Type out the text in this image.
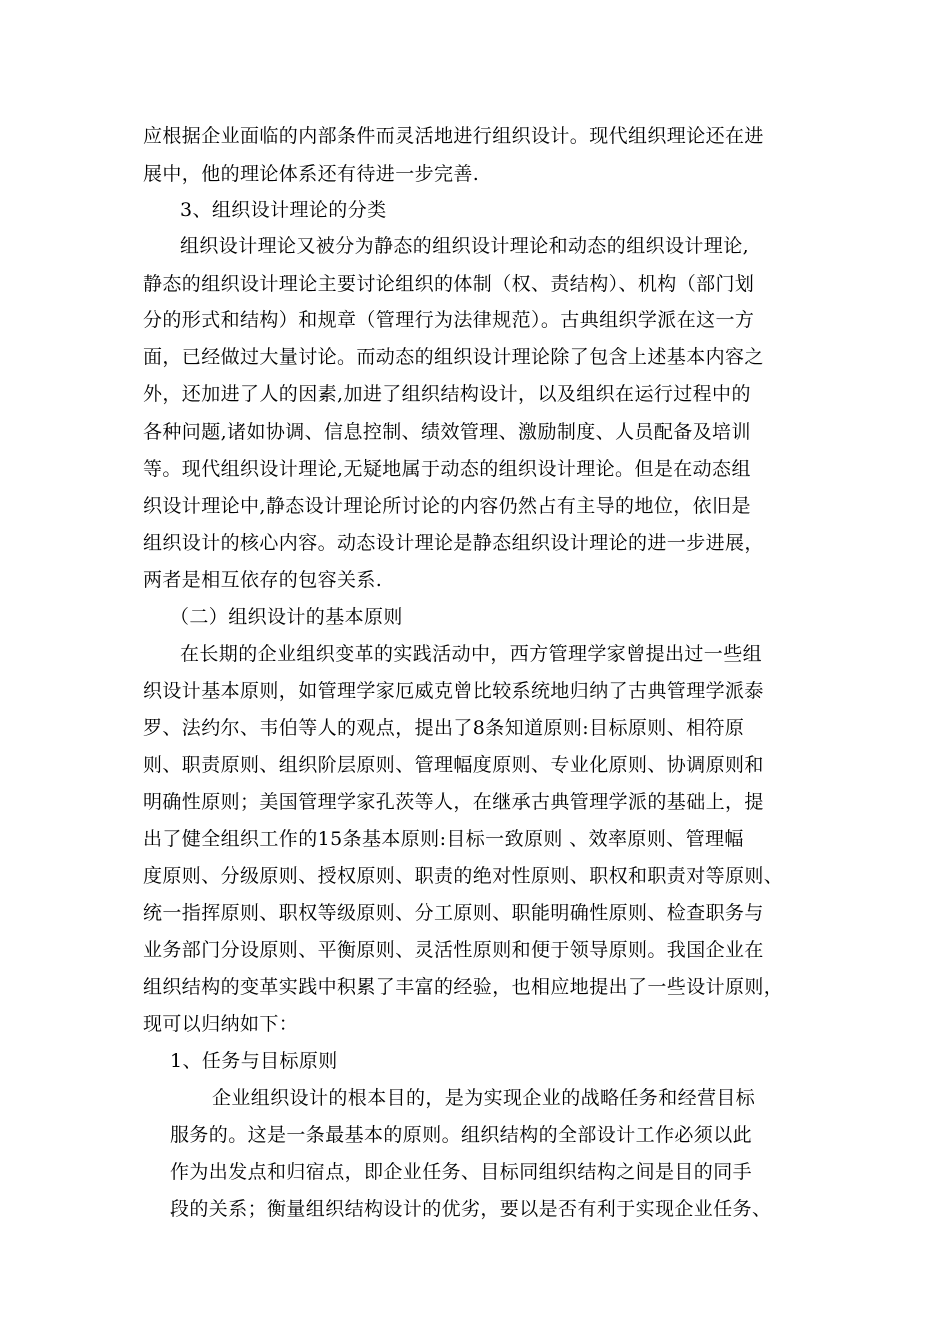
应根据企业面临的内部条件而灵活地进行组织设计。现代组织理论还在进
展中，他的理论体系还有待进一步完善.
3、组织设计理论的分类
组织设计理论又被分为静态的组织设计理论和动态的组织设计理论,
静态的组织设计理论主要讨论组织的体制（权、责结构）、机构（部门划
分的形式和结构）和规章（管理行为法律规范）。古典组织学派在这一方
面，已经做过大量讨论。而动态的组织设计理论除了包含上述基本内容之
外，还加进了人的因素,加进了组织结构设计，以及组织在运行过程中的
各种问题,诸如协调、信息控制、绩效管理、激励制度、人员配备及培训
等。现代组织设计理论,无疑地属于动态的组织设计理论。但是在动态组
织设计理论中,静态设计理论所讨论的内容仍然占有主导的地位，依旧是
组织设计的核心内容。动态设计理论是静态组织设计理论的进一步进展，
两者是相互依存的包容关系.
（二）组织设计的基本原则
在长期的企业组织变革的实践活动中，西方管理学家曾提出过一些组
织设计基本原则，如管理学家厄威克曾比较系统地归纳了古典管理学派泰
罗、法约尔、韦伯等人的观点，提出了8条知道原则:目标原则、相符原
则、职责原则、组织阶层原则、管理幅度原则、专业化原则、协调原则和
明确性原则；美国管理学家孔茨等人，在继承古典管理学派的基础上，提
出了健全组织工作的15条基本原则:目标一致原则 、效率原则、管理幅
度原则、分级原则、授权原则、职责的绝对性原则、职权和职责对等原则、
统一指挥原则、职权等级原则、分工原则、职能明确性原则、检查职务与
业务部门分设原则、平衡原则、灵活性原则和便于领导原则。我国企业在
组织结构的变革实践中积累了丰富的经验，也相应地提出了一些设计原则，
现可以归纳如下：
1、任务与目标原则
企业组织设计的根本目的，是为实现企业的战略任务和经营目标
服务的。这是一条最基本的原则。组织结构的全部设计工作必须以此
作为出发点和归宿点，即企业任务、目标同组织结构之间是目的同手
段的关系；衡量组织结构设计的优劣，要以是否有利于实现企业任务、
